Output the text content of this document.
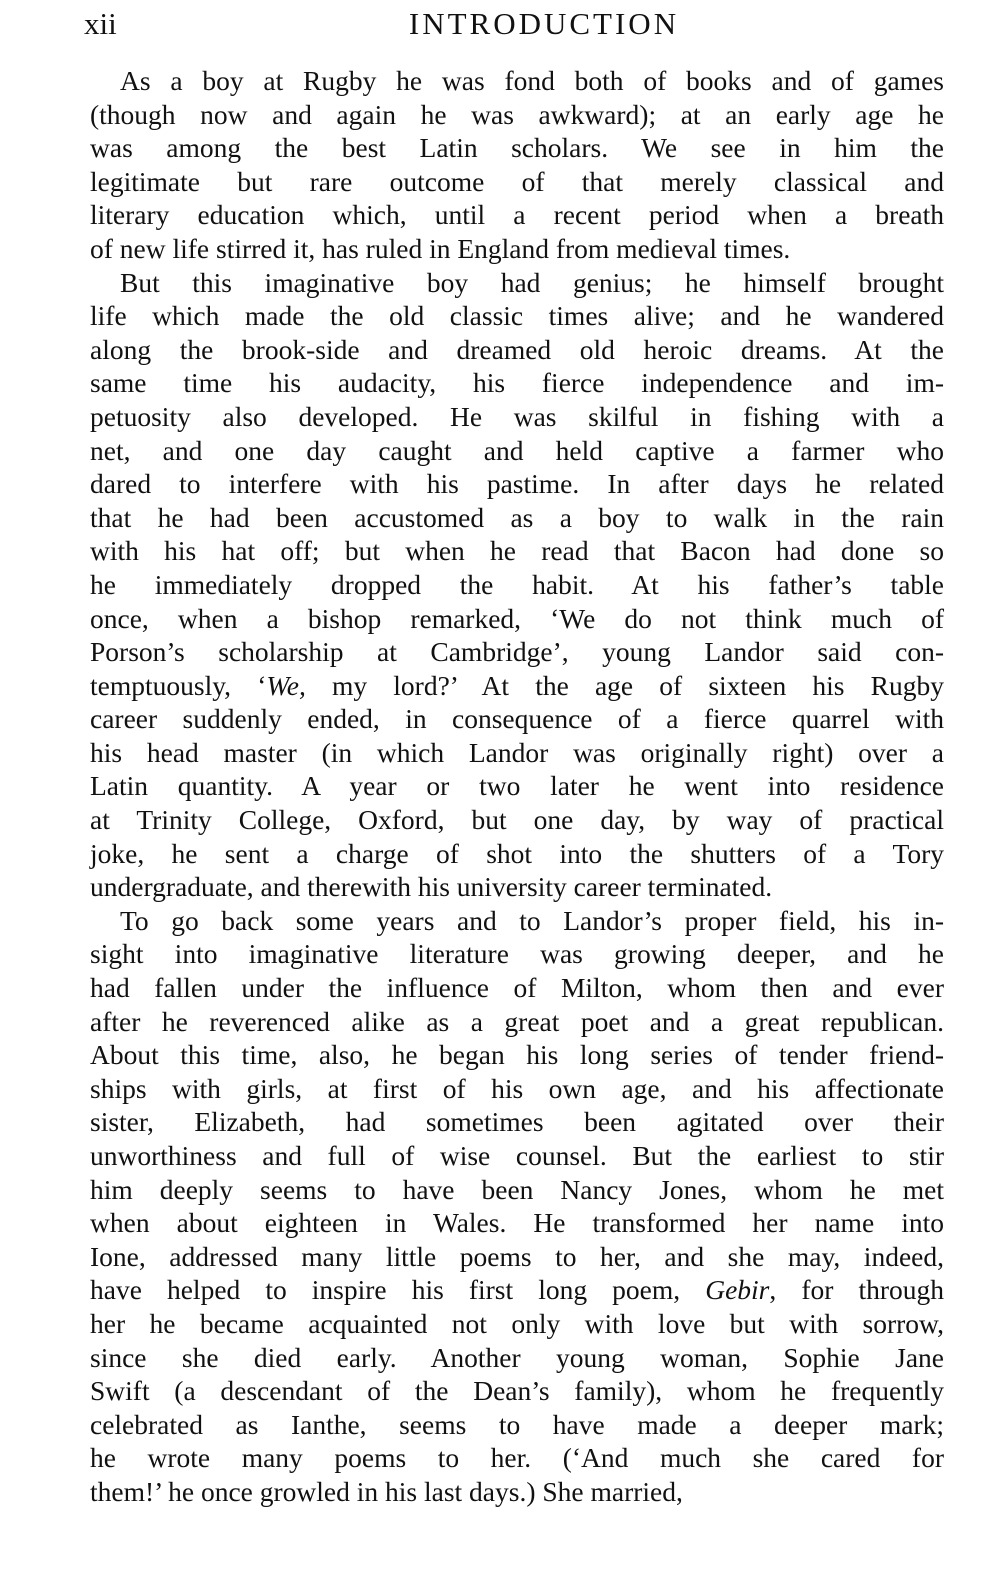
xii	INTRODUCTION
As a boy at Rugby he was fond both of books and of games
(though now and again he was awkward); at an early age he
was among the best Latin scholars. We see in him the
legitimate but rare outcome of that merely classical and
literary education which, until a recent period when a breath
of new life stirred it, has ruled in England from medieval times.
But this imaginative boy had genius; he himself brought
life which made the old classic times alive; and he wandered
along the brook-side and dreamed old heroic dreams. At the
same time his audacity, his fierce independence and im-
petuosity also developed. He was skilful in fishing with a
net, and one day caught and held captive a farmer who
dared to interfere with his pastime. In after days he related
that he had been accustomed as a boy to walk in the rain
with his hat off; but when he read that Bacon had done so
he immediately dropped the habit. At his father’s table
once, when a bishop remarked, ‘We do not think much of
Porson’s scholarship at Cambridge’, young Landor said con-
temptuously, ‘We, my lord?’ At the age of sixteen his Rugby
career suddenly ended, in consequence of a fierce quarrel with
his head master (in which Landor was originally right) over a
Latin quantity. A year or two later he went into residence
at Trinity College, Oxford, but one day, by way of practical
joke, he sent a charge of shot into the shutters of a Tory
undergraduate, and therewith his university career terminated.
To go back some years and to Landor’s proper field, his in-
sight into imaginative literature was growing deeper, and he
had fallen under the influence of Milton, whom then and ever
after he reverenced alike as a great poet and a great republican.
About this time, also, he began his long series of tender friend-
ships with girls, at first of his own age, and his affectionate
sister, Elizabeth, had sometimes been agitated over their
unworthiness and full of wise counsel. But the earliest to stir
him deeply seems to have been Nancy Jones, whom he met
when about eighteen in Wales. He transformed her name into
Ione, addressed many little poems to her, and she may, indeed,
have helped to inspire his first long poem, Gebir, for through
her he became acquainted not only with love but with sorrow,
since she died early. Another young woman, Sophie Jane
Swift (a descendant of the Dean’s family), whom he frequently
celebrated as Ianthe, seems to have made a deeper mark;
he wrote many poems to her. (‘And much she cared for
them!’ he once growled in his last days.) She married,
